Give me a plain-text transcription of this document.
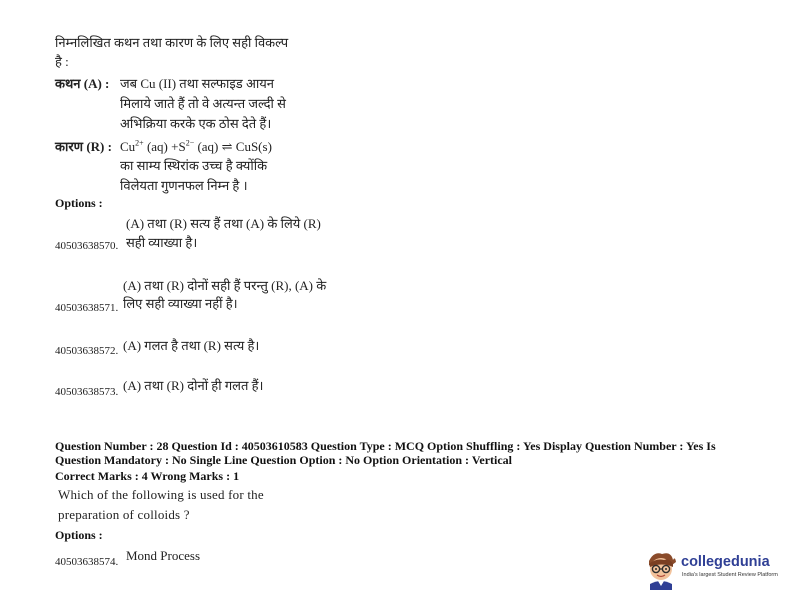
निम्नलिखित कथन तथा कारण के लिए सही विकल्प
है :
कथन (A) : जब Cu (II) तथा सल्फाइड आयन
मिलाये जाते हैं तो वे अत्यन्त जल्दी से
अभिक्रिया करके एक ठोस देते हैं।
कारण (R) : $Cu^{2+}$ $(aq) +S^{2-}$ (aq) ⇌ CuS(s)
का साम्य स्थिरांक उच्च है क्योंकि
विलेयता गुणनफल निम्न है ।
Options :
(A) तथा (R) सत्य हैं तथा (A) के लिये (R)
सही व्याख्या है।
40503638570.
(A) तथा (R) दोनों सही हैं परन्तु (R), (A) के
लिए सही व्याख्या नहीं है।
40503638571.
(A) गलत है तथा (R) सत्य है।
40503638572.
(A) तथा (R) दोनों ही गलत हैं।
40503638573.
Question Number : 28 Question Id : 40503610583 Question Type : MCQ Option Shuffling : Yes Display Question Number : Yes Is
Question Mandatory : No Single Line Question Option : No Option Orientation : Vertical
Correct Marks : 4 Wrong Marks : 1
Which of the following is used for the
preparation of colloids ?
Options :
Mond Process
40503638574.	collegedunia
India's largest Student Review Platform
